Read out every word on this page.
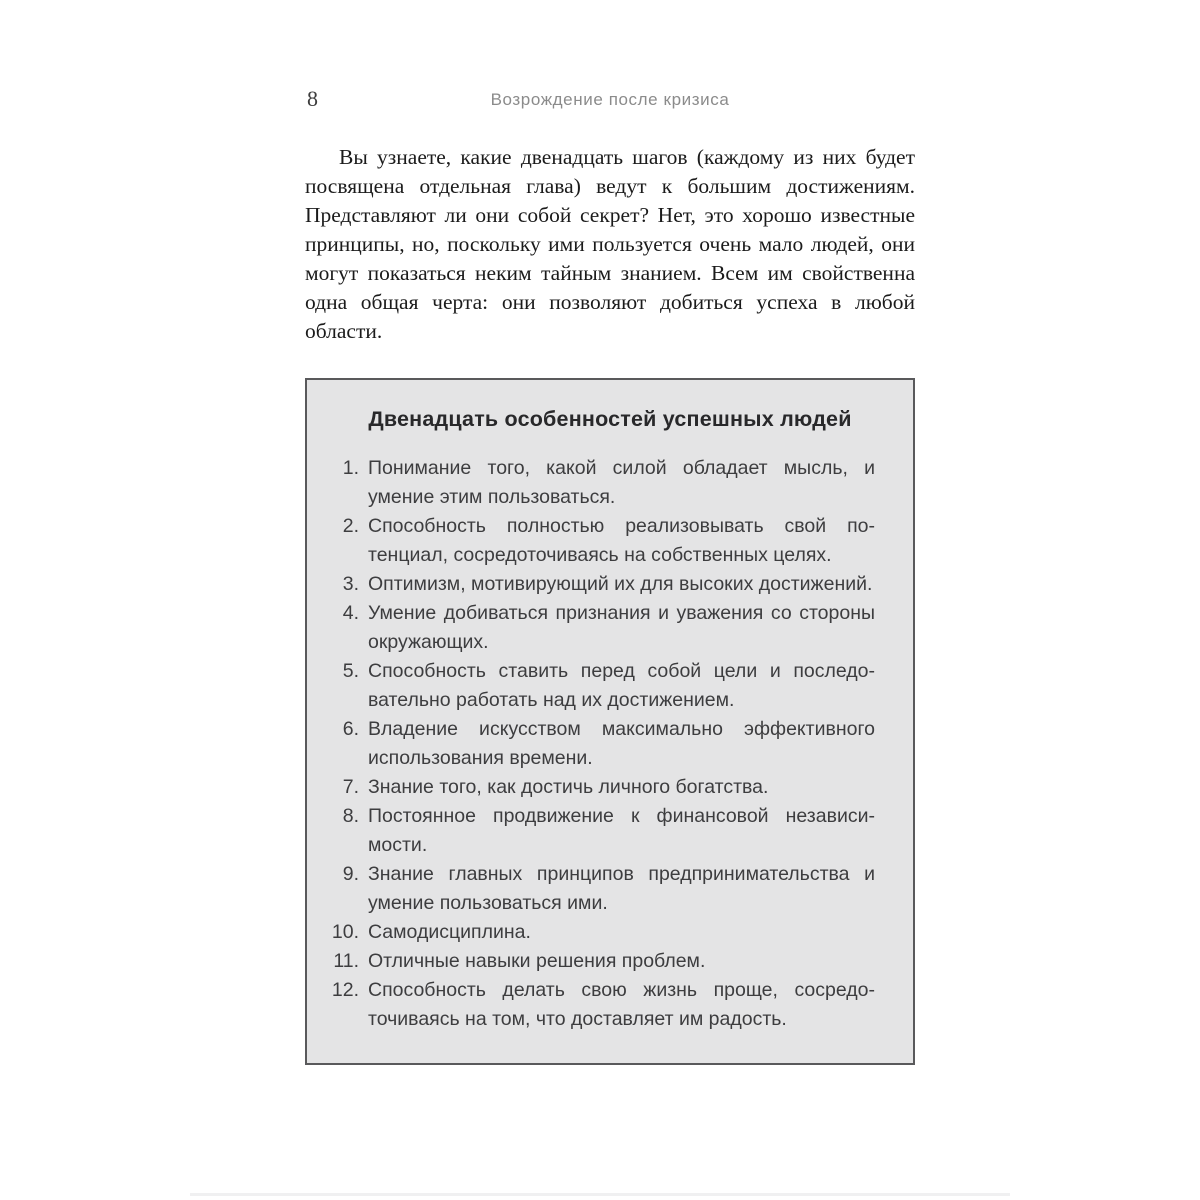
8	Возрождение после кризиса
Вы узнаете, какие двенадцать шагов (каждому из них будет посвящена отдельная глава) ведут к большим достижениям. Представляют ли они собой секрет? Нет, это хорошо известные принципы, но, поскольку ими пользуется очень мало людей, они могут показаться неким тайным знанием. Всем им свойственна одна общая черта: они позволяют добиться успеха в любой области.
Двенадцать особенностей успешных людей
1. Понимание того, какой силой обладает мысль, и умение этим пользоваться.
2. Способность полностью реализовывать свой потенциал, сосредоточиваясь на собственных целях.
3. Оптимизм, мотивирующий их для высоких достижений.
4. Умение добиваться признания и уважения со стороны окружающих.
5. Способность ставить перед собой цели и последовательно работать над их достижением.
6. Владение искусством максимально эффективного использования времени.
7. Знание того, как достичь личного богатства.
8. Постоянное продвижение к финансовой независимости.
9. Знание главных принципов предпринимательства и умение пользоваться ими.
10. Самодисциплина.
11. Отличные навыки решения проблем.
12. Способность делать свою жизнь проще, сосредоточиваясь на том, что доставляет им радость.
